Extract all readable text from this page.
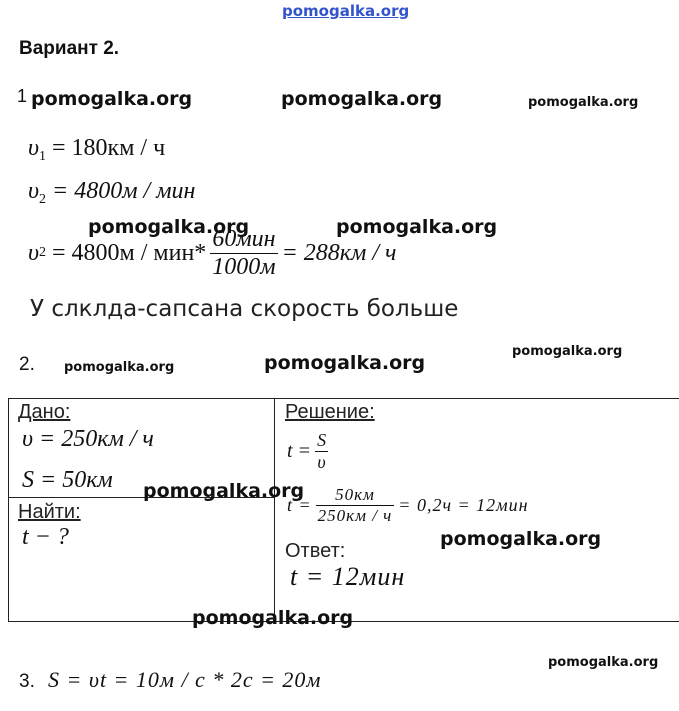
pomogalka.org
Вариант 2.
1 pomogalka.org	pomogalka.org	pomogalka.org
$\upsilon_1 = 180км / ч$
$\upsilon_2 = 4800м$ / мин
pomogalka.org	pomogalka.org
υ $2 = 4800м / мин* \frac{\text{60мин}}{1000м} = 288км / ч$
У слклда-сапсана скорость больше
2. pomogalka.org	pomogalka.org
pomogalka.org
Дано:
υ = 250км / ч
S = 50км pomogalka.org
Найти:
t − ?
Решение:
$t = \frac{S}{\upsilon}$
$t = \frac{50км}{250км / ч} = 0,2ч = 12мин$
pomogalka.org
Ответ:
t = 12мин
pomogalka.org
pomogalka.org
3. S = υt = 10м / с * 2с = 20м
